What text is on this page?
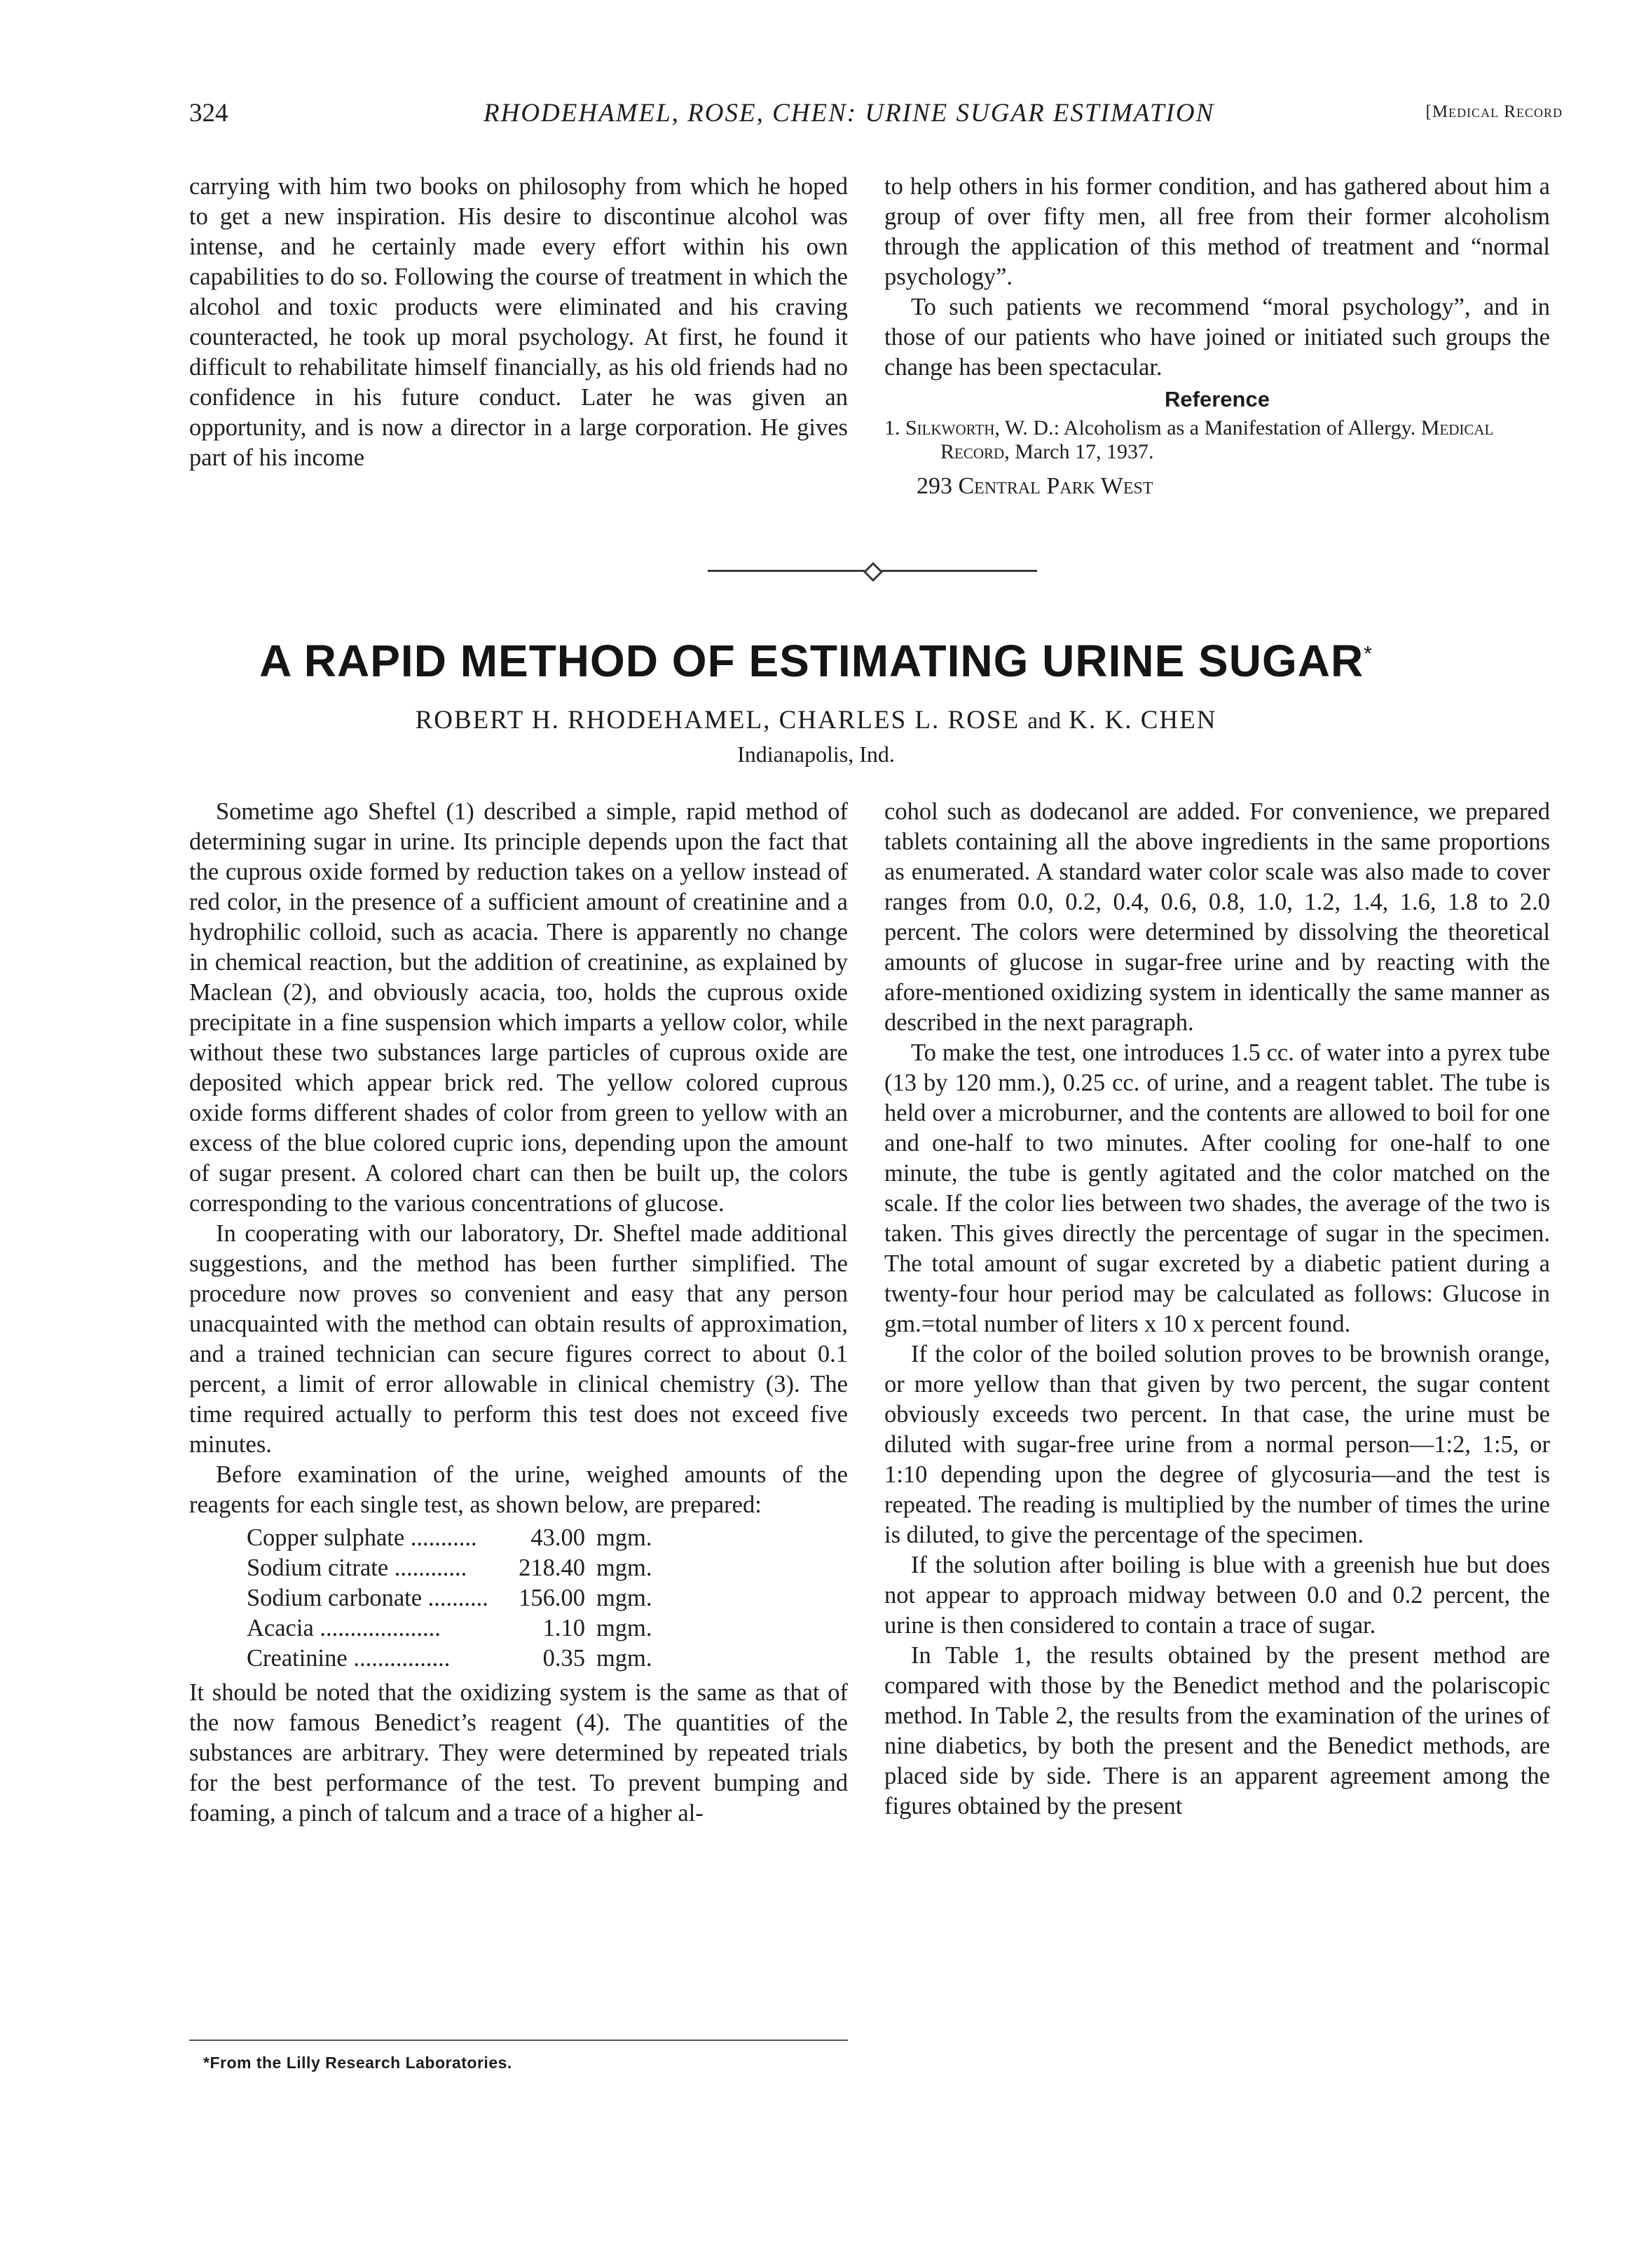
324	RHODEHAMEL, ROSE, CHEN: URINE SUGAR ESTIMATION	[Medical Record

carrying with him two books on philosophy from which he hoped to get a new inspiration. His desire to discontinue alcohol was intense, and he certainly made every effort within his own capabilities to do so. Following the course of treatment in which the alcohol and toxic products were eliminated and his craving counteracted, he took up moral psychology. At first, he found it difficult to rehabilitate himself financially, as his old friends had no confidence in his future conduct. Later he was given an opportunity, and is now a director in a large corporation. He gives part of his income

to help others in his former condition, and has gathered about him a group of over fifty men, all free from their former alcoholism through the application of this method of treatment and “normal psychology”.

To such patients we recommend “moral psychology”, and in those of our patients who have joined or initiated such groups the change has been spectacular.

Reference
1. Silkworth, W. D.: Alcoholism as a Manifestation of Allergy. Medical Record, March 17, 1937.
293 Central Park West
A RAPID METHOD OF ESTIMATING URINE SUGAR*
ROBERT H. RHODEHAMEL, CHARLES L. ROSE and K. K. CHEN
Indianapolis, Ind.

Sometime ago Sheftel (1) described a simple, rapid method of determining sugar in urine. Its principle depends upon the fact that the cuprous oxide formed by reduction takes on a yellow instead of red color, in the presence of a sufficient amount of creatinine and a hydrophilic colloid, such as acacia. There is apparently no change in chemical reaction, but the addition of creatinine, as explained by Maclean (2), and obviously acacia, too, holds the cuprous oxide precipitate in a fine suspension which imparts a yellow color, while without these two substances large particles of cuprous oxide are deposited which appear brick red. The yellow colored cuprous oxide forms different shades of color from green to yellow with an excess of the blue colored cupric ions, depending upon the amount of sugar present. A colored chart can then be built up, the colors corresponding to the various concentrations of glucose.

In cooperating with our laboratory, Dr. Sheftel made additional suggestions, and the method has been further simplified. The procedure now proves so convenient and easy that any person unacquainted with the method can obtain results of approximation, and a trained technician can secure figures correct to about 0.1 percent, a limit of error allowable in clinical chemistry (3). The time required actually to perform this test does not exceed five minutes.

Before examination of the urine, weighed amounts of the reagents for each single test, as shown below, are prepared:

Copper sulphate ...........	43.00	mgm.
Sodium citrate ............	218.40	mgm.
Sodium carbonate ..........	156.00	mgm.
Acacia ....................	1.10	mgm.
Creatinine ................	0.35	mgm.

It should be noted that the oxidizing system is the same as that of the now famous Benedict’s reagent (4). The quantities of the substances are arbitrary. They were determined by repeated trials for the best performance of the test. To prevent bumping and foaming, a pinch of talcum and a trace of a higher al-

*From the Lilly Research Laboratories.

cohol such as dodecanol are added. For convenience, we prepared tablets containing all the above ingredients in the same proportions as enumerated. A standard water color scale was also made to cover ranges from 0.0, 0.2, 0.4, 0.6, 0.8, 1.0, 1.2, 1.4, 1.6, 1.8 to 2.0 percent. The colors were determined by dissolving the theoretical amounts of glucose in sugar-free urine and by reacting with the afore-mentioned oxidizing system in identically the same manner as described in the next paragraph.

To make the test, one introduces 1.5 cc. of water into a pyrex tube (13 by 120 mm.), 0.25 cc. of urine, and a reagent tablet. The tube is held over a microburner, and the contents are allowed to boil for one and one-half to two minutes. After cooling for one-half to one minute, the tube is gently agitated and the color matched on the scale. If the color lies between two shades, the average of the two is taken. This gives directly the percentage of sugar in the specimen. The total amount of sugar excreted by a diabetic patient during a twenty-four hour period may be calculated as follows: Glucose in gm.=total number of liters x 10 x percent found.

If the color of the boiled solution proves to be brownish orange, or more yellow than that given by two percent, the sugar content obviously exceeds two percent. In that case, the urine must be diluted with sugar-free urine from a normal person—1:2, 1:5, or 1:10 depending upon the degree of glycosuria—and the test is repeated. The reading is multiplied by the number of times the urine is diluted, to give the percentage of the specimen.

If the solution after boiling is blue with a greenish hue but does not appear to approach midway between 0.0 and 0.2 percent, the urine is then considered to contain a trace of sugar.

In Table 1, the results obtained by the present method are compared with those by the Benedict method and the polariscopic method. In Table 2, the results from the examination of the urines of nine diabetics, by both the present and the Benedict methods, are placed side by side. There is an apparent agreement among the figures obtained by the present
